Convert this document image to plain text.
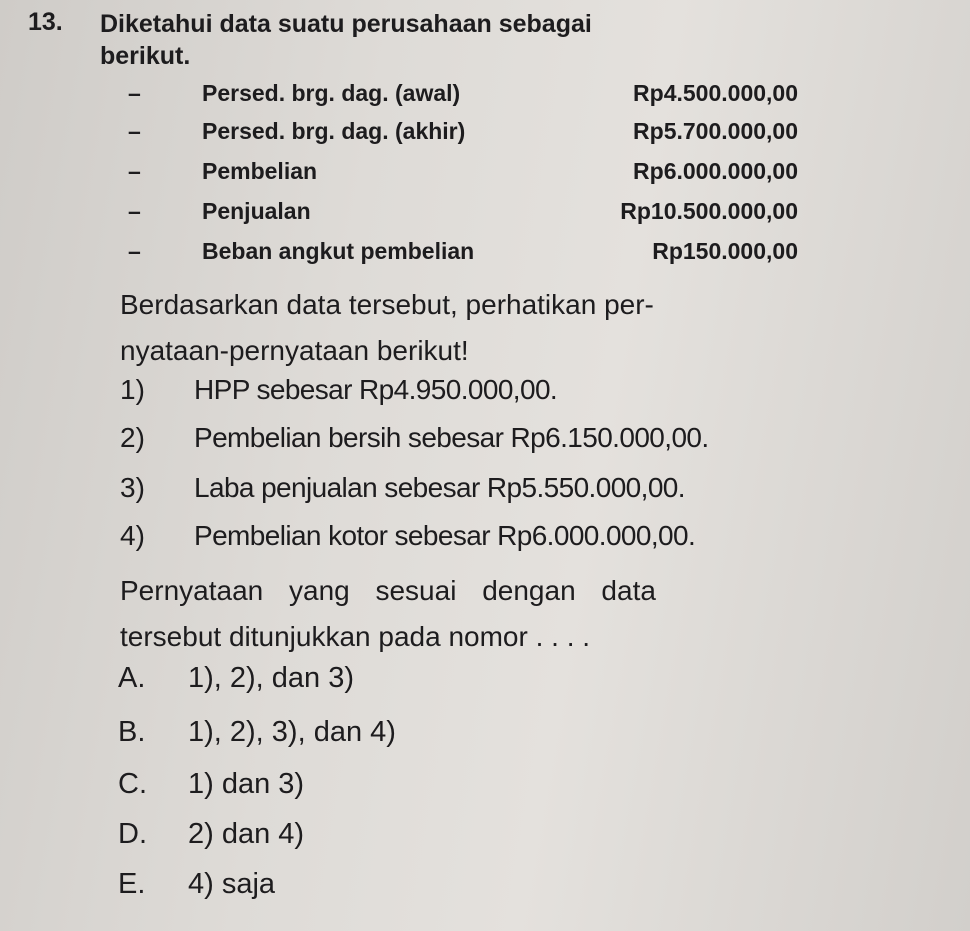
13. Diketahui data suatu perusahaan sebagai
berikut.
–	Persed. brg. dag. (awal)	Rp4.500.000,00
–	Persed. brg. dag. (akhir)	Rp5.700.000,00
–	Pembelian	Rp6.000.000,00
–	Penjualan	Rp10.500.000,00
–	Beban angkut pembelian	Rp150.000,00
Berdasarkan data tersebut, perhatikan per-
nyataan-pernyataan berikut!
1) HPP sebesar Rp4.950.000,00.
2) Pembelian bersih sebesar Rp6.150.000,00.
3) Laba penjualan sebesar Rp5.550.000,00.
4) Pembelian kotor sebesar Rp6.000.000,00.
Pernyataan yang sesuai dengan data
tersebut ditunjukkan pada nomor . . . .
A. 1), 2), dan 3)
B. 1), 2), 3), dan 4)
C. 1) dan 3)
D. 2) dan 4)
E. 4) saja
